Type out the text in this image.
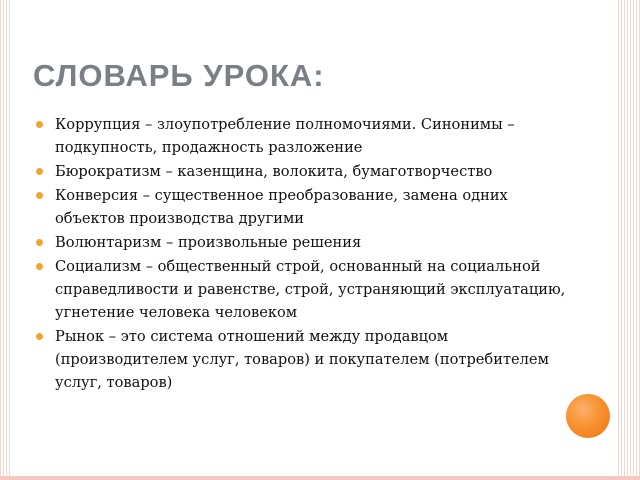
СЛОВАРЬ УРОКА:
Коррупция – злоупотребление полномочиями. Синонимы – подкупность, продажность разложение
Бюрократизм – казенщина, волокита, бумаготворчество
Конверсия – существенное преобразование, замена одних объектов производства другими
Волюнтаризм – произвольные решения
Социализм – общественный строй, основанный на социальной справедливости и равенстве, строй, устраняющий эксплуатацию, угнетение человека человеком
Рынок – это система отношений между продавцом (производителем услуг, товаров) и покупателем (потребителем услуг, товаров)
